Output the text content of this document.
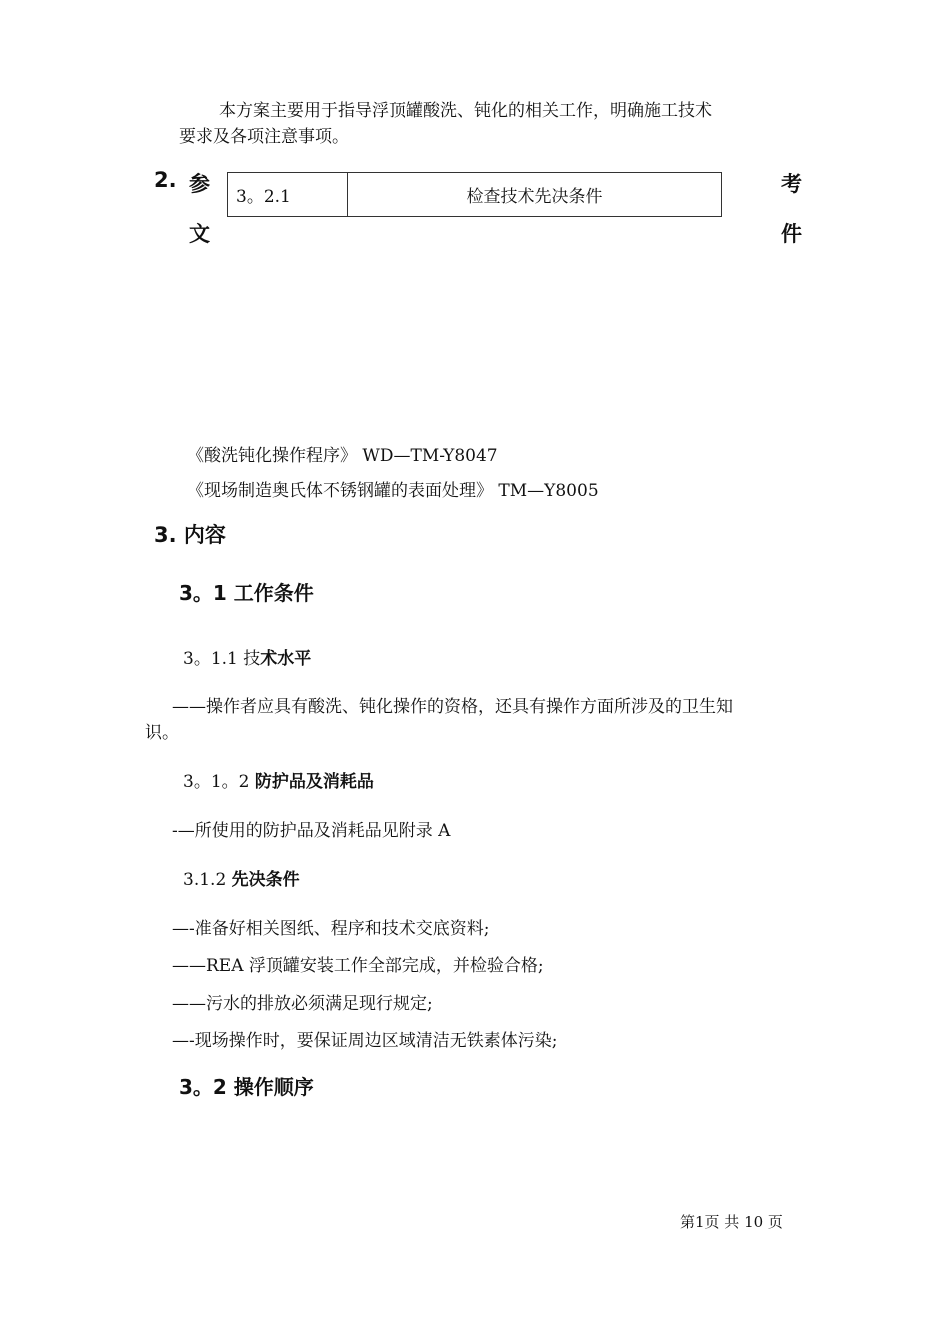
本方案主要用于指导浮顶罐酸洗、钝化的相关工作，明确施工技术
要求及各项注意事项。
2. 参
文
考
件
3。2.1	检查技术先决条件
《酸洗钝化操作程序》 WD—TM-Y8047
《现场制造奥氏体不锈钢罐的表面处理》 TM—Y8005
3. 内容
3。1 工作条件
3。1.1 技术水平
——操作者应具有酸洗、钝化操作的资格，还具有操作方面所涉及的卫生知
识。
3。1。2 防护品及消耗品
-—所使用的防护品及消耗品见附录 A
3.1.2 先决条件
—-准备好相关图纸、程序和技术交底资料;
——REA 浮顶罐安装工作全部完成，并检验合格;
——污水的排放必须满足现行规定;
—-现场操作时，要保证周边区域清洁无铁素体污染;
3。2 操作顺序
第1页 共 10 页
